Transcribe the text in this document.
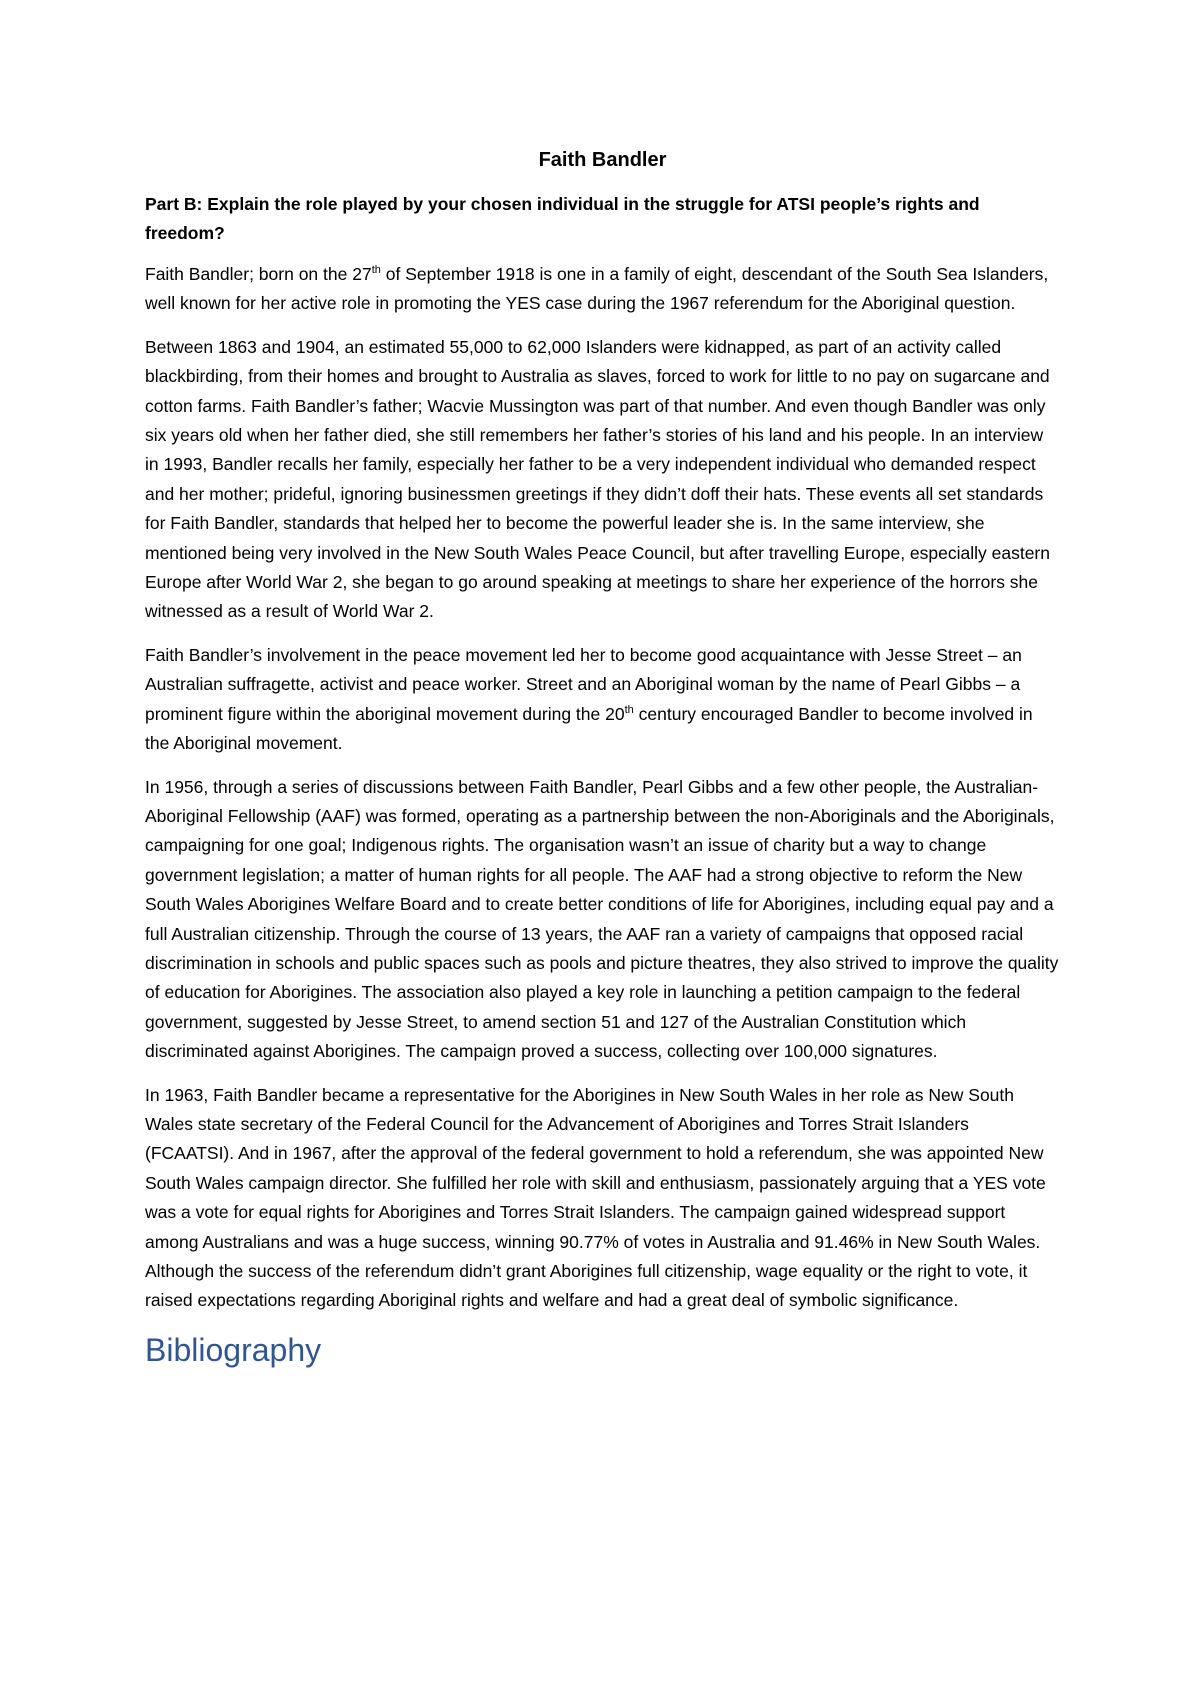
Faith Bandler

Part B: Explain the role played by your chosen individual in the struggle for ATSI people’s rights and freedom?

Faith Bandler; born on the 27th of September 1918 is one in a family of eight, descendant of the South Sea Islanders, well known for her active role in promoting the YES case during the 1967 referendum for the Aboriginal question.

Between 1863 and 1904, an estimated 55,000 to 62,000 Islanders were kidnapped, as part of an activity called blackbirding, from their homes and brought to Australia as slaves, forced to work for little to no pay on sugarcane and cotton farms. Faith Bandler’s father; Wacvie Mussington was part of that number. And even though Bandler was only six years old when her father died, she still remembers her father’s stories of his land and his people. In an interview in 1993, Bandler recalls her family, especially her father to be a very independent individual who demanded respect and her mother; prideful, ignoring businessmen greetings if they didn’t doff their hats. These events all set standards for Faith Bandler, standards that helped her to become the powerful leader she is. In the same interview, she mentioned being very involved in the New South Wales Peace Council, but after travelling Europe, especially eastern Europe after World War 2, she began to go around speaking at meetings to share her experience of the horrors she witnessed as a result of World War 2.

Faith Bandler’s involvement in the peace movement led her to become good acquaintance with Jesse Street – an Australian suffragette, activist and peace worker. Street and an Aboriginal woman by the name of Pearl Gibbs – a prominent figure within the aboriginal movement during the 20th century encouraged Bandler to become involved in the Aboriginal movement.

In 1956, through a series of discussions between Faith Bandler, Pearl Gibbs and a few other people, the Australian-Aboriginal Fellowship (AAF) was formed, operating as a partnership between the non-Aboriginals and the Aboriginals, campaigning for one goal; Indigenous rights. The organisation wasn’t an issue of charity but a way to change government legislation; a matter of human rights for all people. The AAF had a strong objective to reform the New South Wales Aborigines Welfare Board and to create better conditions of life for Aborigines, including equal pay and a full Australian citizenship. Through the course of 13 years, the AAF ran a variety of campaigns that opposed racial discrimination in schools and public spaces such as pools and picture theatres, they also strived to improve the quality of education for Aborigines. The association also played a key role in launching a petition campaign to the federal government, suggested by Jesse Street, to amend section 51 and 127 of the Australian Constitution which discriminated against Aborigines. The campaign proved a success, collecting over 100,000 signatures.

In 1963, Faith Bandler became a representative for the Aborigines in New South Wales in her role as New South Wales state secretary of the Federal Council for the Advancement of Aborigines and Torres Strait Islanders (FCAATSI). And in 1967, after the approval of the federal government to hold a referendum, she was appointed New South Wales campaign director. She fulfilled her role with skill and enthusiasm, passionately arguing that a YES vote was a vote for equal rights for Aborigines and Torres Strait Islanders. The campaign gained widespread support among Australians and was a huge success, winning 90.77% of votes in Australia and 91.46% in New South Wales. Although the success of the referendum didn’t grant Aborigines full citizenship, wage equality or the right to vote, it raised expectations regarding Aboriginal rights and welfare and had a great deal of symbolic significance.

Bibliography
